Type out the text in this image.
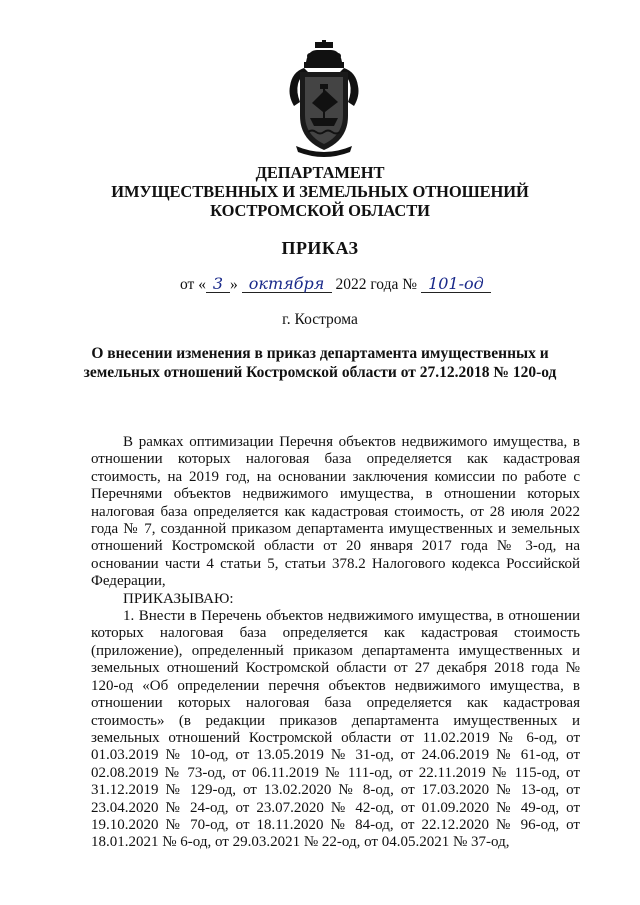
ДЕПАРТАМЕНТ
ИМУЩЕСТВЕННЫХ И ЗЕМЕЛЬНЫХ ОТНОШЕНИЙ
КОСТРОМСКОЙ ОБЛАСТИ
ПРИКАЗ
от « 3 » октября 2022 года № 101-од
г. Кострома
О внесении изменения в приказ департамента имущественных и
земельных отношений Костромской области от 27.12.2018 № 120-од

В рамках оптимизации Перечня объектов недвижимого имущества, в отношении которых налоговая база определяется как кадастровая стоимость, на 2019 год, на основании заключения комиссии по работе с Перечнями объектов недвижимого имущества, в отношении которых налоговая база определяется как кадастровая стоимость, от 28 июля 2022 года № 7, созданной приказом департамента имущественных и земельных отношений Костромской области от 20 января 2017 года № 3-од, на основании части 4 статьи 5, статьи 378.2 Налогового кодекса Российской Федерации,

ПРИКАЗЫВАЮ:

1. Внести в Перечень объектов недвижимого имущества, в отношении которых налоговая база определяется как кадастровая стоимость (приложение), определенный приказом департамента имущественных и земельных отношений Костромской области от 27 декабря 2018 года № 120-од «Об определении перечня объектов недвижимого имущества, в отношении которых налоговая база определяется как кадастровая стоимость» (в редакции приказов департамента имущественных и земельных отношений Костромской области от 11.02.2019 № 6-од, от 01.03.2019 № 10-од, от 13.05.2019 № 31-од, от 24.06.2019 № 61-од, от 02.08.2019 № 73-од, от 06.11.2019 № 111-од, от 22.11.2019 № 115-од, от 31.12.2019 № 129-од, от 13.02.2020 № 8-од, от 17.03.2020 № 13-од, от 23.04.2020 № 24-од, от 23.07.2020 № 42-од, от 01.09.2020 № 49-од, от 19.10.2020 № 70-од, от 18.11.2020 № 84-од, от 22.12.2020 № 96-од, от 18.01.2021 № 6-од, от 29.03.2021 № 22-од, от 04.05.2021 № 37-од,
